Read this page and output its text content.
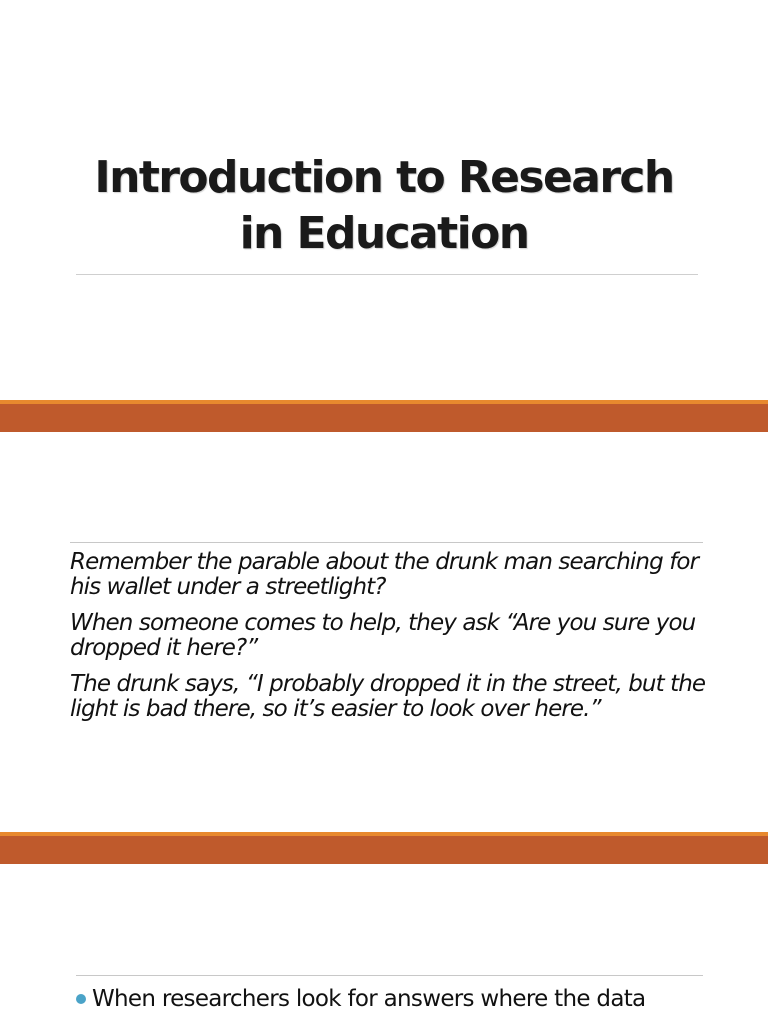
Introduction to Research
in Education

Remember the parable about the drunk man searching for his wallet under a streetlight?

When someone comes to help, they ask “Are you sure you dropped it here?”

The drunk says, “I probably dropped it in the street, but the light is bad there, so it’s easier to look over here.”

When researchers look for answers where the data
